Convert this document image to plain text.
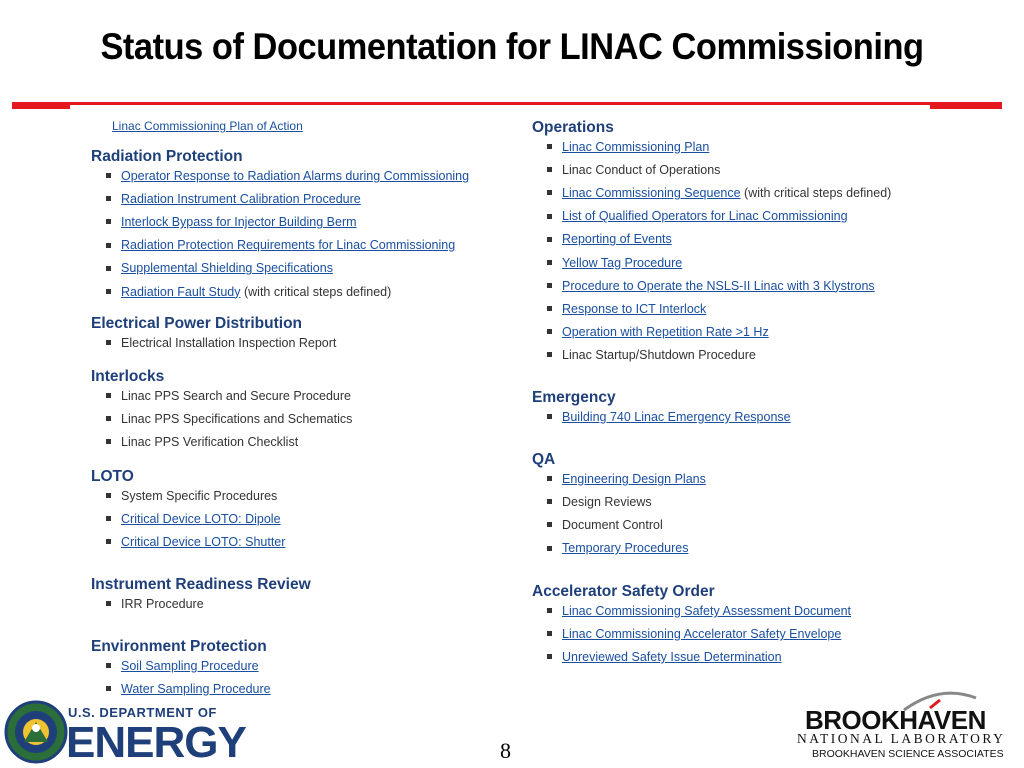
Status of Documentation for LINAC Commissioning
Linac Commissioning Plan of Action
Radiation Protection
Operator Response to Radiation Alarms during Commissioning
Radiation Instrument Calibration Procedure
Interlock Bypass for Injector Building Berm
Radiation Protection Requirements for Linac Commissioning
Supplemental Shielding Specifications
Radiation Fault Study (with critical steps defined)
Electrical Power Distribution
Electrical Installation Inspection Report
Interlocks
Linac PPS Search and Secure Procedure
Linac PPS Specifications and Schematics
Linac PPS Verification Checklist
LOTO
System Specific Procedures
Critical Device LOTO: Dipole
Critical Device LOTO: Shutter
Instrument Readiness Review
IRR Procedure
Environment Protection
Soil Sampling Procedure
Water Sampling Procedure
Operations
Linac Commissioning Plan
Linac Conduct of Operations
Linac Commissioning Sequence (with critical steps defined)
List of Qualified Operators for Linac Commissioning
Reporting of Events
Yellow Tag Procedure
Procedure to Operate the NSLS-II Linac with 3 Klystrons
Response to ICT Interlock
Operation with Repetition Rate >1 Hz
Linac Startup/Shutdown Procedure
Emergency
Building 740 Linac Emergency Response
QA
Engineering Design Plans
Design Reviews
Document Control
Temporary Procedures
Accelerator Safety Order
Linac Commissioning Safety Assessment Document
Linac Commissioning Accelerator Safety Envelope
Unreviewed Safety Issue Determination
U.S. DEPARTMENT OF
ENERGY	8
BROOKHAVEN
NATIONAL LABORATORY
BROOKHAVEN SCIENCE ASSOCIATES
